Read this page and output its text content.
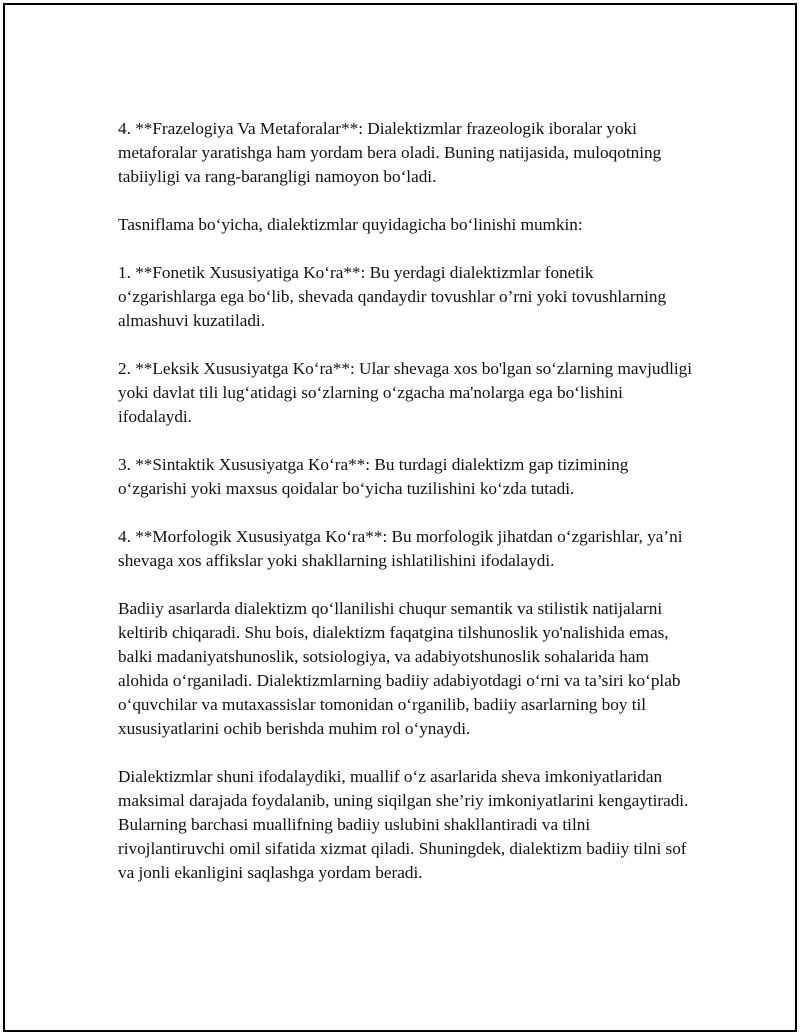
4. **Frazelogiya Va Metaforalar**: Dialektizmlar frazeologik iboralar yoki metaforalar yaratishga ham yordam bera oladi. Buning natijasida, muloqotning tabiiyligi va rang-barangligi namoyon bo‘ladi.

Tasniflama bo‘yicha, dialektizmlar quyidagicha bo‘linishi mumkin:

1. **Fonetik Xususiyatiga Ko‘ra**: Bu yerdagi dialektizmlar fonetik o‘zgarishlarga ega bo‘lib, shevada qandaydir tovushlar o’rni yoki tovushlarning almashuvi kuzatiladi.

2. **Leksik Xususiyatga Ko‘ra**: Ular shevaga xos bo'lgan so‘zlarning mavjudligi yoki davlat tili lug‘atidagi so‘zlarning o‘zgacha ma'nolarga ega bo‘lishini ifodalaydi.

3. **Sintaktik Xususiyatga Ko‘ra**: Bu turdagi dialektizm gap tizimining o‘zgarishi yoki maxsus qoidalar bo‘yicha tuzilishini ko‘zda tutadi.

4. **Morfologik Xususiyatga Ko‘ra**: Bu morfologik jihatdan o‘zgarishlar, ya’ni shevaga xos affikslar yoki shakllarning ishlatilishini ifodalaydi.

Badiiy asarlarda dialektizm qo‘llanilishi chuqur semantik va stilistik natijalarni keltirib chiqaradi. Shu bois, dialektizm faqatgina tilshunoslik yo'nalishida emas, balki madaniyatshunoslik, sotsiologiya, va adabiyotshunoslik sohalarida ham alohida o‘rganiladi. Dialektizmlarning badiiy adabiyotdagi o‘rni va ta’siri ko‘plab o‘quvchilar va mutaxassislar tomonidan o‘rganilib, badiiy asarlarning boy til xususiyatlarini ochib berishda muhim rol o‘ynaydi.

Dialektizmlar shuni ifodalaydiki, muallif o‘z asarlarida sheva imkoniyatlaridan maksimal darajada foydalanib, uning siqilgan she’riy imkoniyatlarini kengaytiradi. Bularning barchasi muallifning badiiy uslubini shakllantiradi va tilni rivojlantiruvchi omil sifatida xizmat qiladi. Shuningdek, dialektizm badiiy tilni sof va jonli ekanligini saqlashga yordam beradi.
